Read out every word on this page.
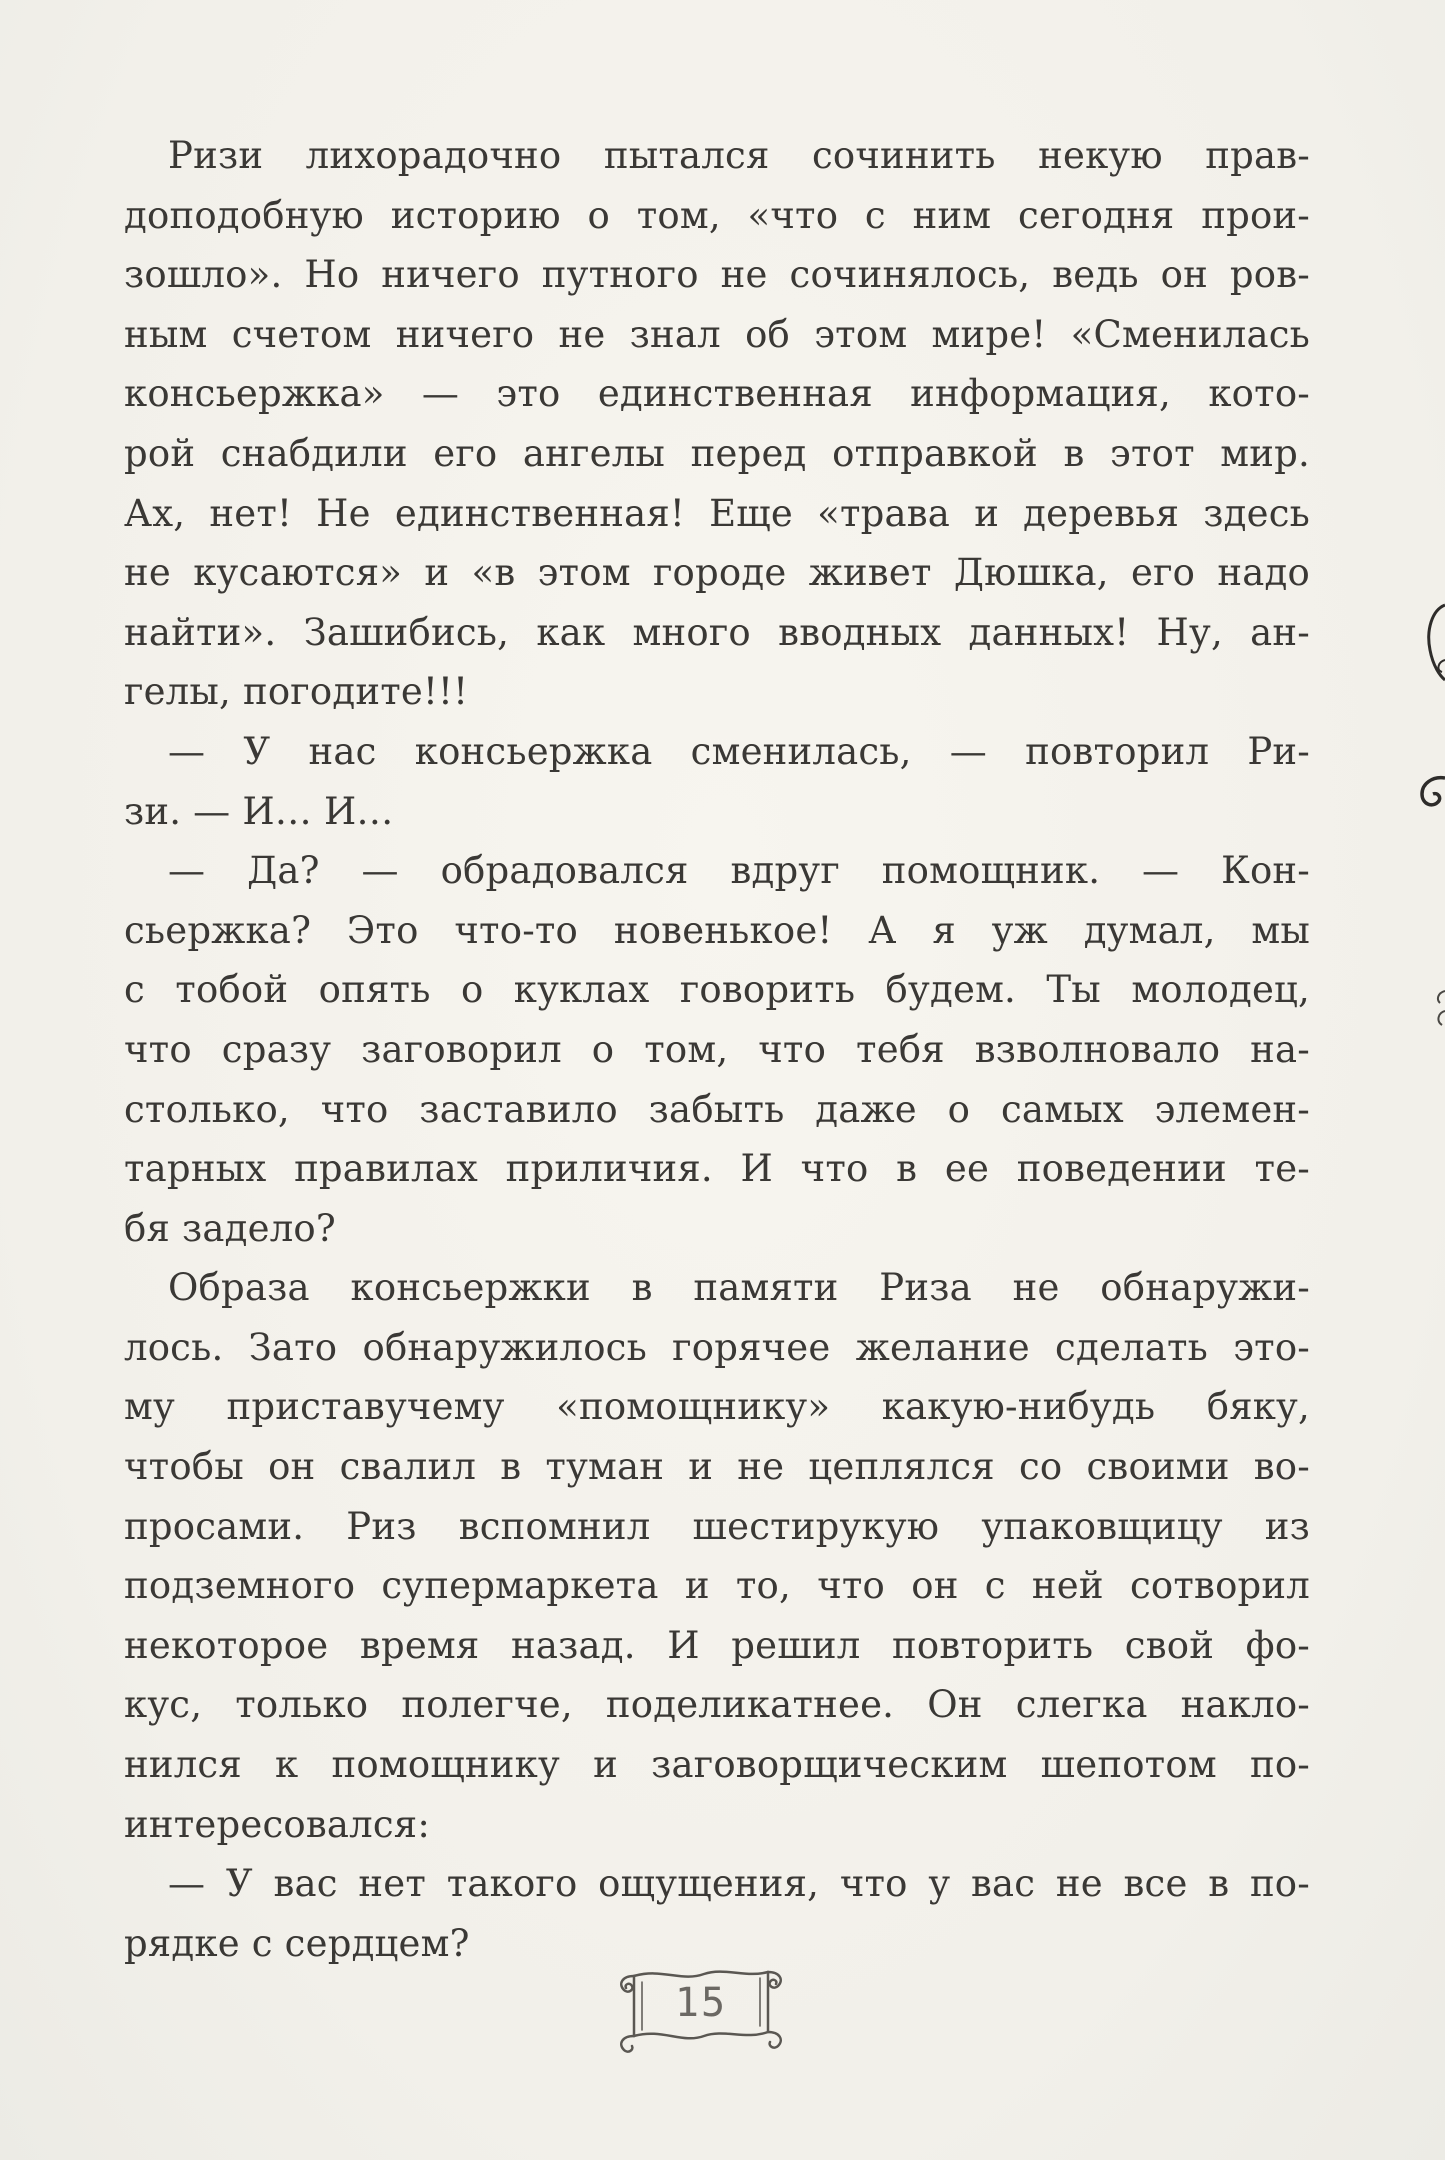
Ризи лихорадочно пытался сочинить некую прав-
доподобную историю о том, «что с ним сегодня прои-
зошло». Но ничего путного не сочинялось, ведь он ров-
ным счетом ничего не знал об этом мире! «Сменилась
консьержка» — это единственная информация, кото-
рой снабдили его ангелы перед отправкой в этот мир.
Ах, нет! Не единственная! Еще «трава и деревья здесь
не кусаются» и «в этом городе живет Дюшка, его надо
найти». Зашибись, как много вводных данных! Ну, ан-
гелы, погодите!!!
— У нас консьержка сменилась, — повторил Ри-
зи. — И… И…
— Да? — обрадовался вдруг помощник. — Кон-
сьержка? Это что-то новенькое! А я уж думал, мы
с тобой опять о куклах говорить будем. Ты молодец,
что сразу заговорил о том, что тебя взволновало на-
столько, что заставило забыть даже о самых элемен-
тарных правилах приличия. И что в ее поведении те-
бя задело?
Образа консьержки в памяти Риза не обнаружи-
лось. Зато обнаружилось горячее желание сделать это-
му приставучему «помощнику» какую-нибудь бяку,
чтобы он свалил в туман и не цеплялся со своими во-
просами. Риз вспомнил шестирукую упаковщицу из
подземного супермаркета и то, что он с ней сотворил
некоторое время назад. И решил повторить свой фо-
кус, только полегче, поделикатнее. Он слегка накло-
нился к помощнику и заговорщическим шепотом по-
интересовался:
— У вас нет такого ощущения, что у вас не все в по-
рядке с сердцем?
15
